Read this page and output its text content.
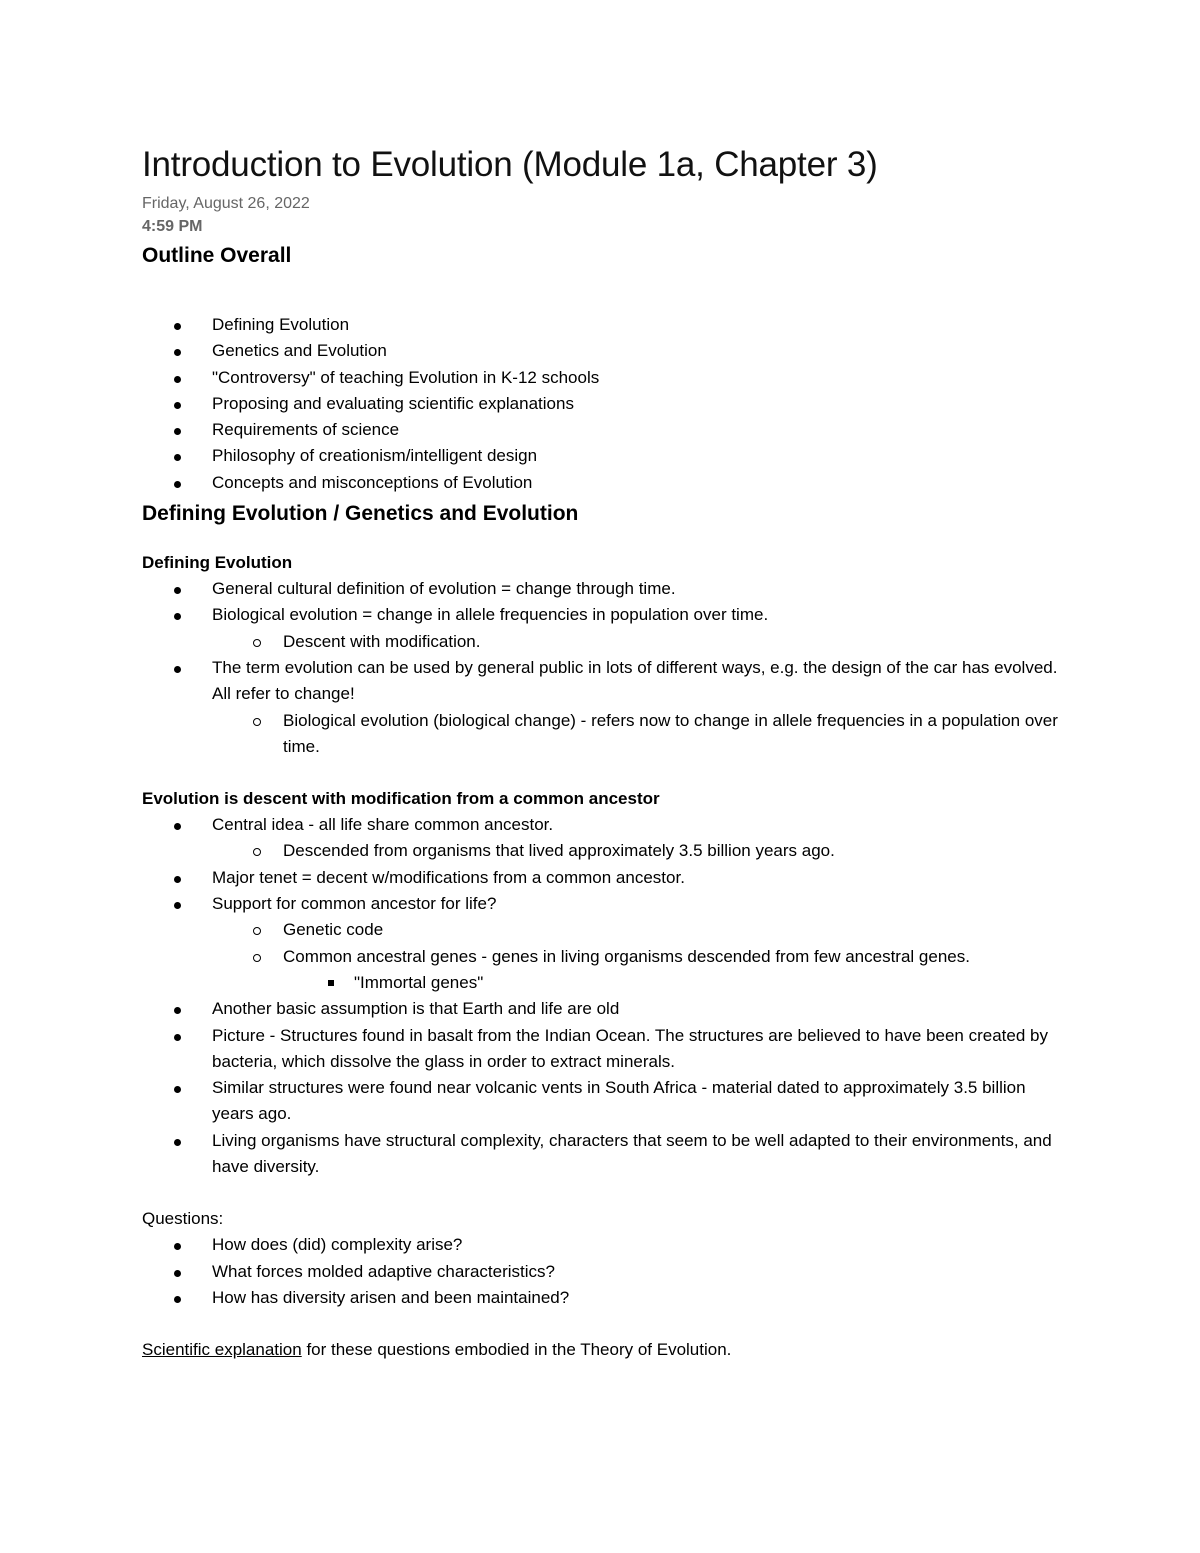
Introduction to Evolution (Module 1a, Chapter 3)
Friday, August 26, 2022
4:59 PM
Outline Overall
Defining Evolution
Genetics and Evolution
"Controversy" of teaching Evolution in K-12 schools
Proposing and evaluating scientific explanations
Requirements of science
Philosophy of creationism/intelligent design
Concepts and misconceptions of Evolution
Defining Evolution / Genetics and Evolution
Defining Evolution
General cultural definition of evolution = change through time.
Biological evolution = change in allele frequencies in population over time.
Descent with modification.
The term evolution can be used by general public in lots of different ways, e.g. the design of the car has evolved. All refer to change!
Biological evolution (biological change) - refers now to change in allele frequencies in a population over time.
Evolution is descent with modification from a common ancestor
Central idea - all life share common ancestor.
Descended from organisms that lived approximately 3.5 billion years ago.
Major tenet = decent w/modifications from a common ancestor.
Support for common ancestor for life?
Genetic code
Common ancestral genes - genes in living organisms descended from few ancestral genes.
"Immortal genes"
Another basic assumption is that Earth and life are old
Picture - Structures found in basalt from the Indian Ocean. The structures are believed to have been created by bacteria, which dissolve the glass in order to extract minerals.
Similar structures were found near volcanic vents in South Africa - material dated to approximately 3.5 billion years ago.
Living organisms have structural complexity, characters that seem to be well adapted to their environments, and have diversity.
Questions:
How does (did) complexity arise?
What forces molded adaptive characteristics?
How has diversity arisen and been maintained?

Scientific explanation for these questions embodied in the Theory of Evolution.
